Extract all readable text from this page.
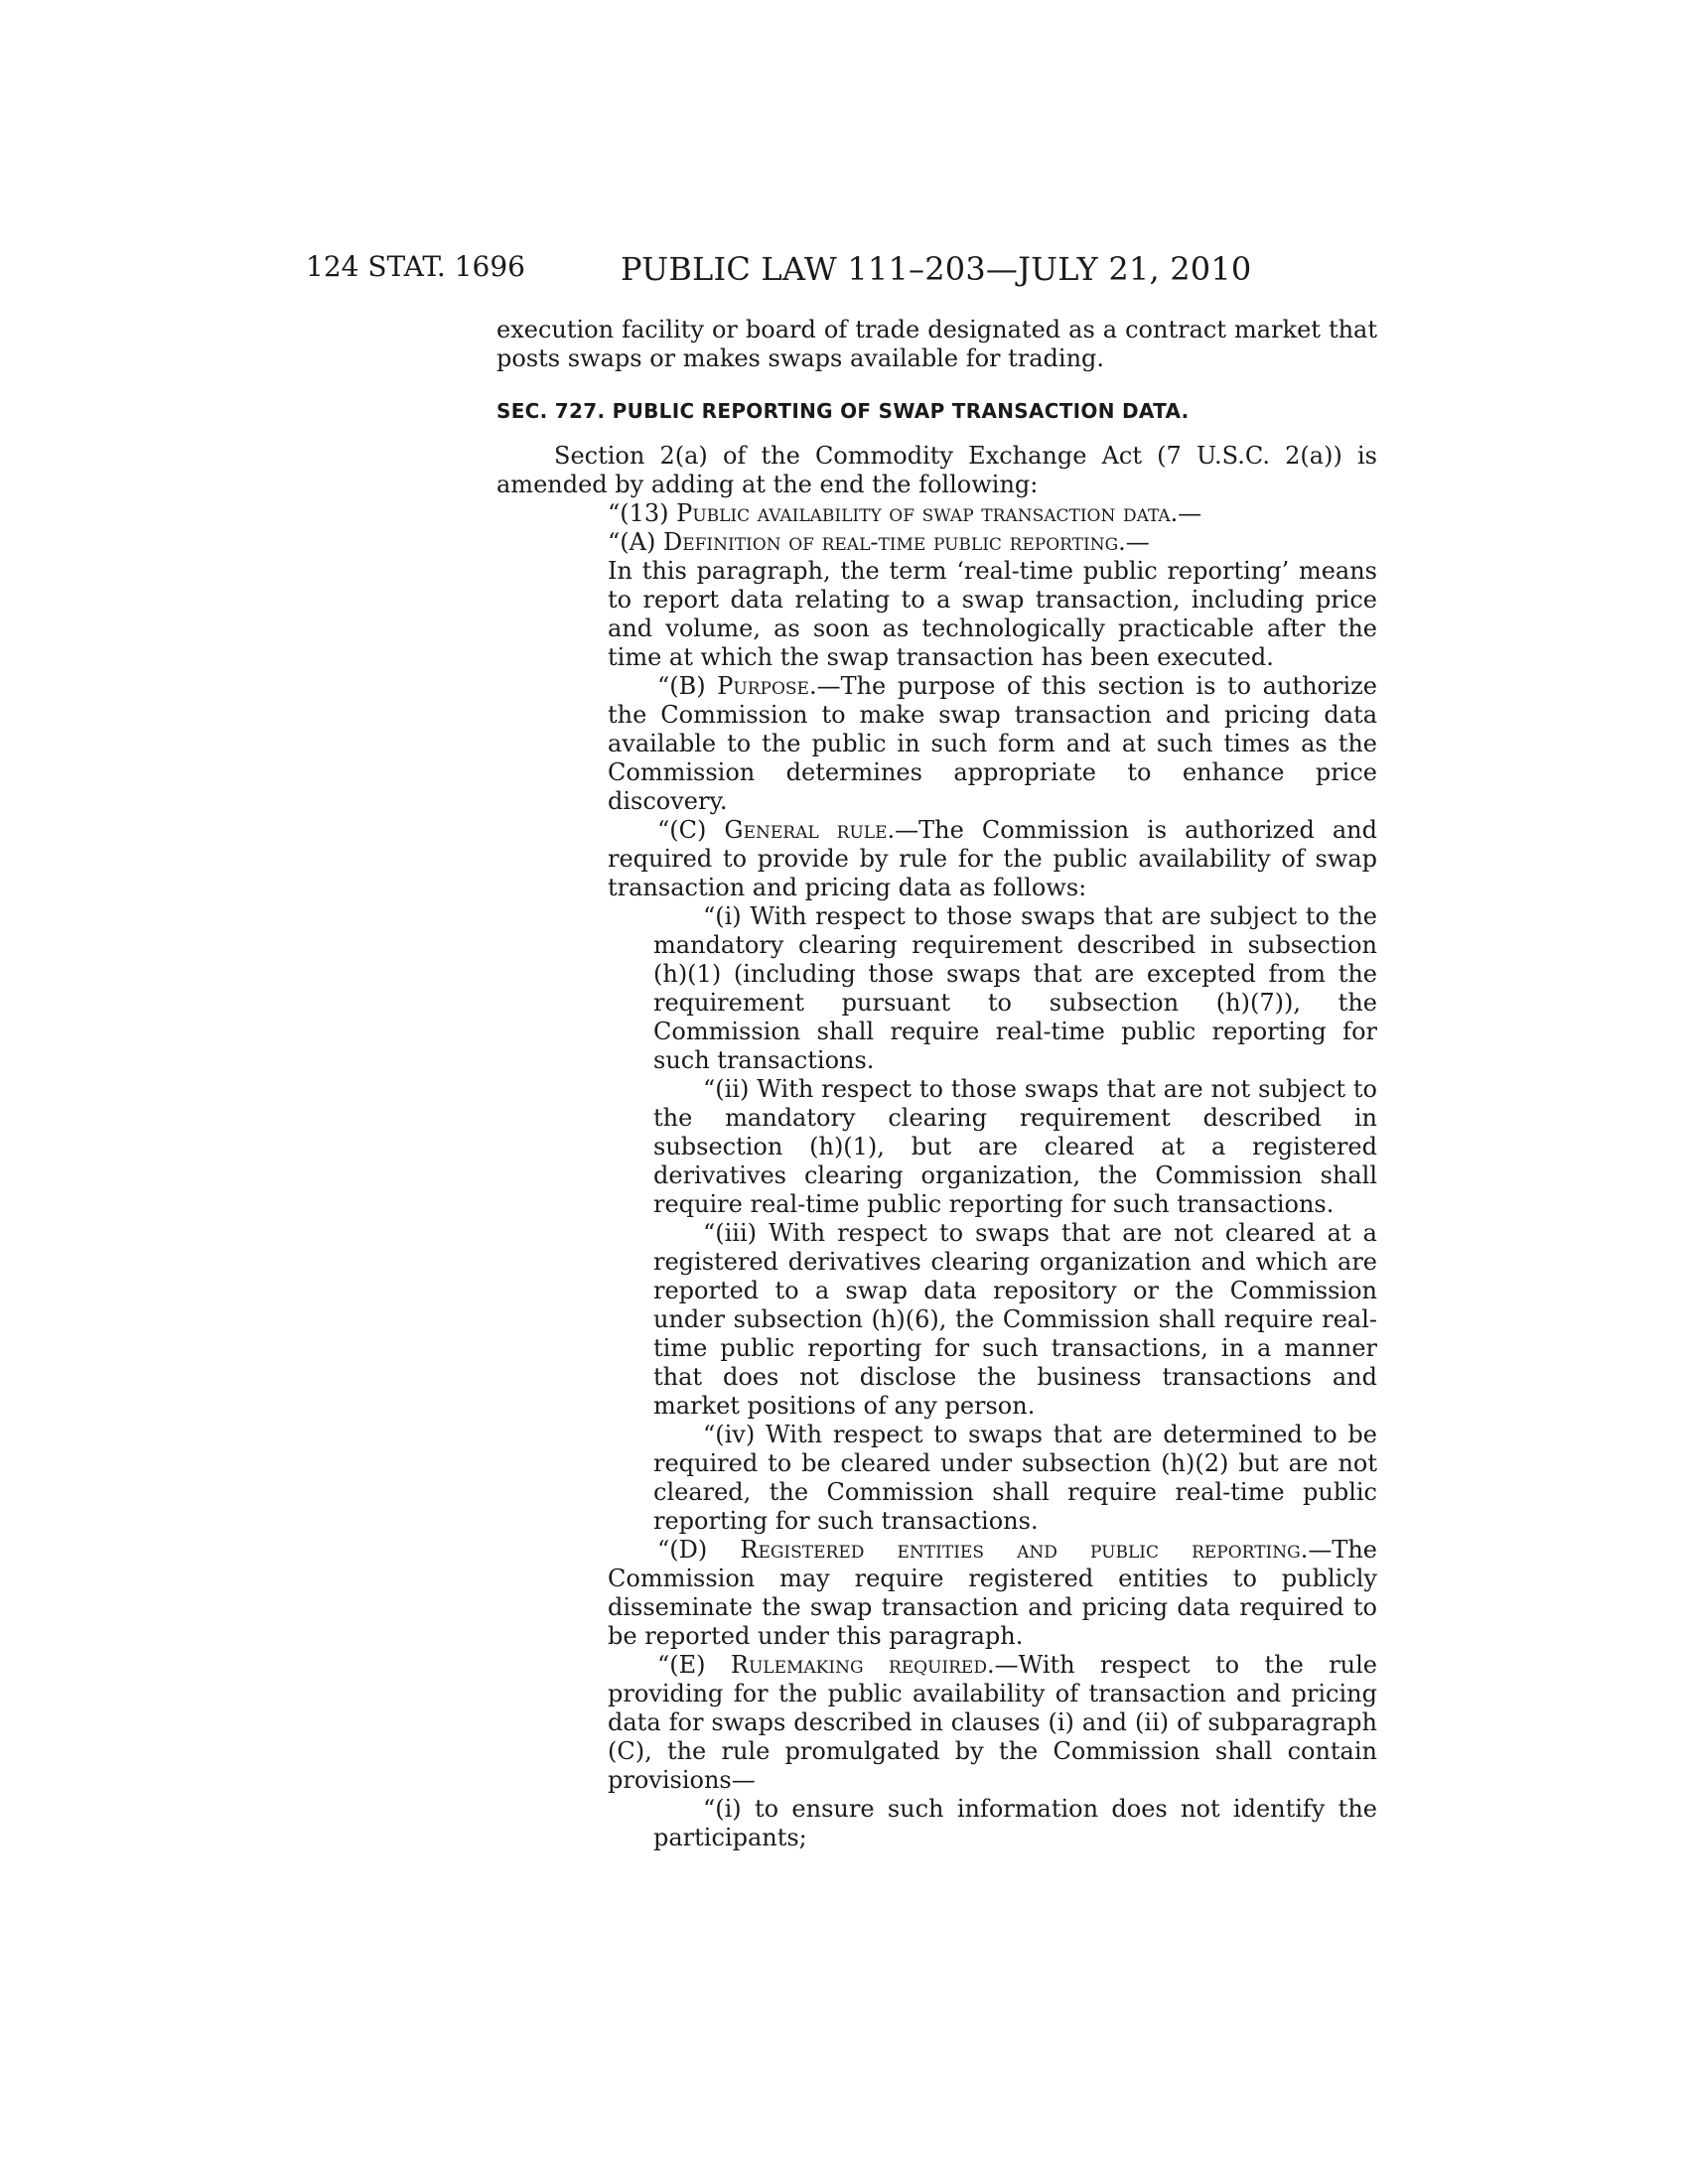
124 STAT. 1696	PUBLIC LAW 111–203—JULY 21, 2010

execution facility or board of trade designated as a contract market that posts swaps or makes swaps available for trading.

SEC. 727. PUBLIC REPORTING OF SWAP TRANSACTION DATA.

Section 2(a) of the Commodity Exchange Act (7 U.S.C. 2(a)) is amended by adding at the end the following:

“(13) Public availability of swap transaction data.—

“(A) Definition of real-time public reporting.—
In this paragraph, the term ‘real-time public reporting’ means to report data relating to a swap transaction, including price and volume, as soon as technologically practicable after the time at which the swap transaction has been executed.

“(B) Purpose.—The purpose of this section is to authorize the Commission to make swap transaction and pricing data available to the public in such form and at such times as the Commission determines appropriate to enhance price discovery.

“(C) General rule.—The Commission is authorized and required to provide by rule for the public availability of swap transaction and pricing data as follows:

“(i) With respect to those swaps that are subject to the mandatory clearing requirement described in subsection (h)(1) (including those swaps that are excepted from the requirement pursuant to subsection (h)(7)), the Commission shall require real-time public reporting for such transactions.

“(ii) With respect to those swaps that are not subject to the mandatory clearing requirement described in subsection (h)(1), but are cleared at a registered derivatives clearing organization, the Commission shall require real-time public reporting for such transactions.

“(iii) With respect to swaps that are not cleared at a registered derivatives clearing organization and which are reported to a swap data repository or the Commission under subsection (h)(6), the Commission shall require real-time public reporting for such transactions, in a manner that does not disclose the business transactions and market positions of any person.

“(iv) With respect to swaps that are determined to be required to be cleared under subsection (h)(2) but are not cleared, the Commission shall require real-time public reporting for such transactions.

“(D) Registered entities and public reporting.—The Commission may require registered entities to publicly disseminate the swap transaction and pricing data required to be reported under this paragraph.

“(E) Rulemaking required.—With respect to the rule providing for the public availability of transaction and pricing data for swaps described in clauses (i) and (ii) of subparagraph (C), the rule promulgated by the Commission shall contain provisions—

“(i) to ensure such information does not identify the participants;
